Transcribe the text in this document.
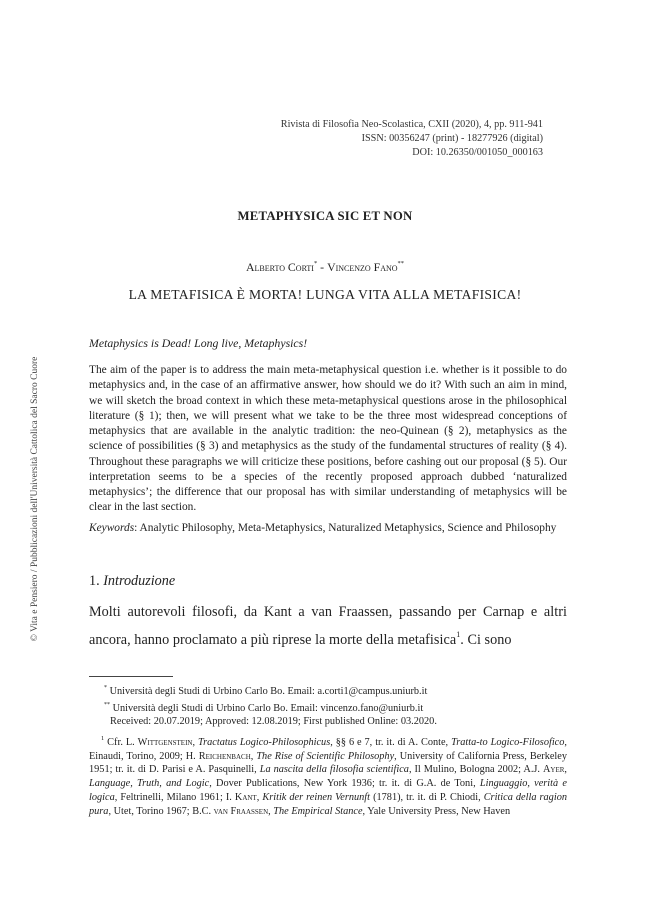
Rivista di Filosofia Neo-Scolastica, CXII (2020), 4, pp. 911-941
ISSN: 00356247 (print) - 18277926 (digital)
DOI: 10.26350/001050_000163
METAPHYSICA SIC ET NON
Alberto Corti* - Vincenzo Fano**
LA METAFISICA È MORTA! LUNGA VITA ALLA METAFISICA!
Metaphysics is Dead! Long live, Metaphysics!
The aim of the paper is to address the main meta-metaphysical question i.e. whether is it possible to do metaphysics and, in the case of an affirmative answer, how should we do it? With such an aim in mind, we will sketch the broad context in which these meta-metaphysical questions arose in the philosophical literature (§ 1); then, we will present what we take to be the three most widespread conceptions of metaphysics that are available in the analytic tradition: the neo-Quinean (§ 2), metaphysics as the science of possibilities (§ 3) and metaphysics as the study of the fundamental structures of reality (§ 4). Throughout these paragraphs we will criticize these positions, before cashing out our proposal (§ 5). Our interpretation seems to be a species of the recently proposed approach dubbed ‘naturalized metaphysics’; the difference that our proposal has with similar understanding of metaphysics will be clear in the last section.
Keywords: Analytic Philosophy, Meta-Metaphysics, Naturalized Metaphysics, Science and Philosophy
1. Introduzione
Molti autorevoli filosofi, da Kant a van Fraassen, passando per Carnap e altri ancora, hanno proclamato a più riprese la morte della metafisica$^1$. Ci sono
* Università degli Studi di Urbino Carlo Bo. Email: a.corti1@campus.uniurb.it
** Università degli Studi di Urbino Carlo Bo. Email: vincenzo.fano@uniurb.it
Received: 20.07.2019; Approved: 12.08.2019; First published Online: 03.2020.
$^1$ Cfr. L. Wittgenstein, Tractatus Logico-Philosophicus, §§ 6 e 7, tr. it. di A. Conte, Tratta-to Logico-Filosofico, Einaudi, Torino, 2009; H. Reichenbach, The Rise of Scientific Philosophy, University of California Press, Berkeley 1951; tr. it. di D. Parisi e A. Pasquinelli, La nascita della filosofia scientifica, Il Mulino, Bologna 2002; A.J. Ayer, Language, Truth, and Logic, Dover Publications, New York 1936; tr. it. di G.A. de Toni, Linguaggio, verità e logica, Feltrinelli, Milano 1961; I. Kant, Kritik der reinen Vernunft (1781), tr. it. di P. Chiodi, Critica della ragion pura, Utet, Torino 1967; B.C. van Fraassen, The Empirical Stance, Yale University Press, New Haven
© Vita e Pensiero / Pubblicazioni dell'Università Cattolica del Sacro Cuore
